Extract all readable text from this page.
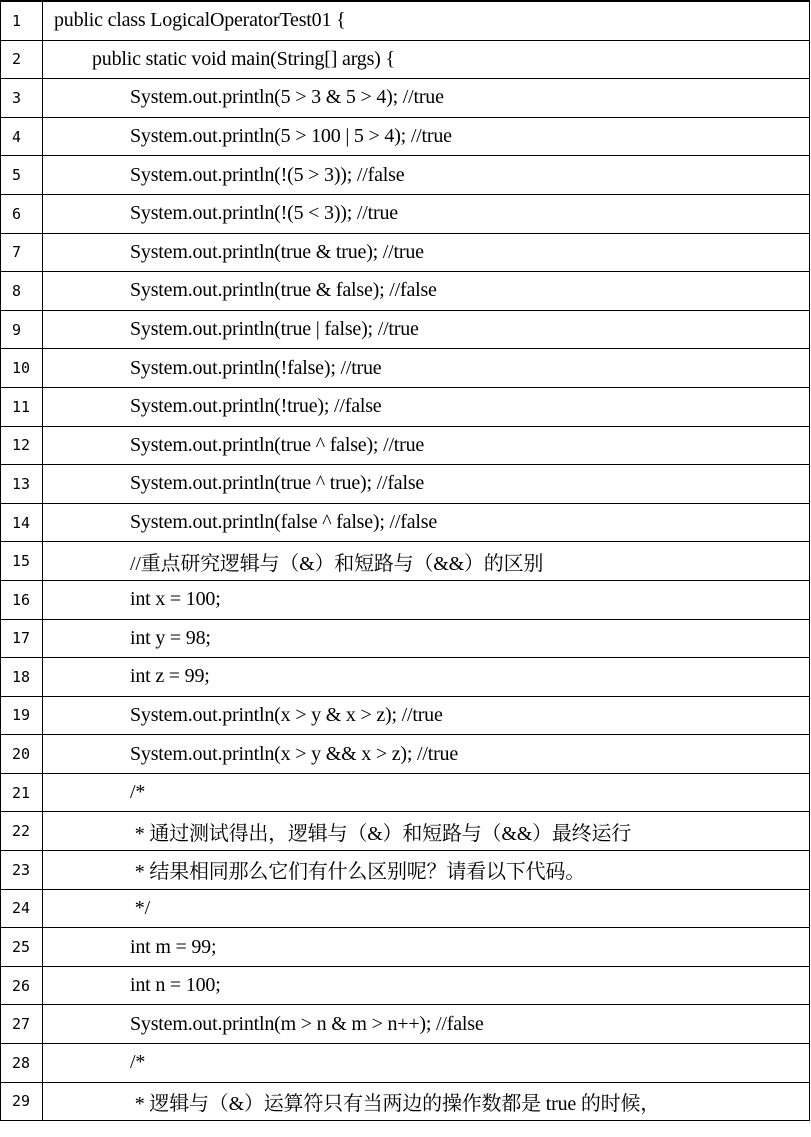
1	public class LogicalOperatorTest01 {
2	public static void main(String[] args) {
3	System.out.println(5 > 3 & 5 > 4); //true
4	System.out.println(5 > 100 | 5 > 4); //true
5	System.out.println(!(5 > 3)); //false
6	System.out.println(!(5 < 3)); //true
7	System.out.println(true & true); //true
8	System.out.println(true & false); //false
9	System.out.println(true | false); //true
10	System.out.println(!false); //true
11	System.out.println(!true); //false
12	System.out.println(true ^ false); //true
13	System.out.println(true ^ true); //false
14	System.out.println(false ^ false); //false
15	//重点研究逻辑与（&）和短路与（&&）的区别
16	int x = 100;
17	int y = 98;
18	int z = 99;
19	System.out.println(x > y & x > z); //true
20	System.out.println(x > y && x > z); //true
21	/*
22	* 通过测试得出，逻辑与（&）和短路与（&&）最终运行
23	* 结果相同那么它们有什么区别呢？请看以下代码。
24	*/
25	int m = 99;
26	int n = 100;
27	System.out.println(m > n & m > n++); //false
28	/*
29	* 逻辑与（&）运算符只有当两边的操作数都是 true 的时候，
